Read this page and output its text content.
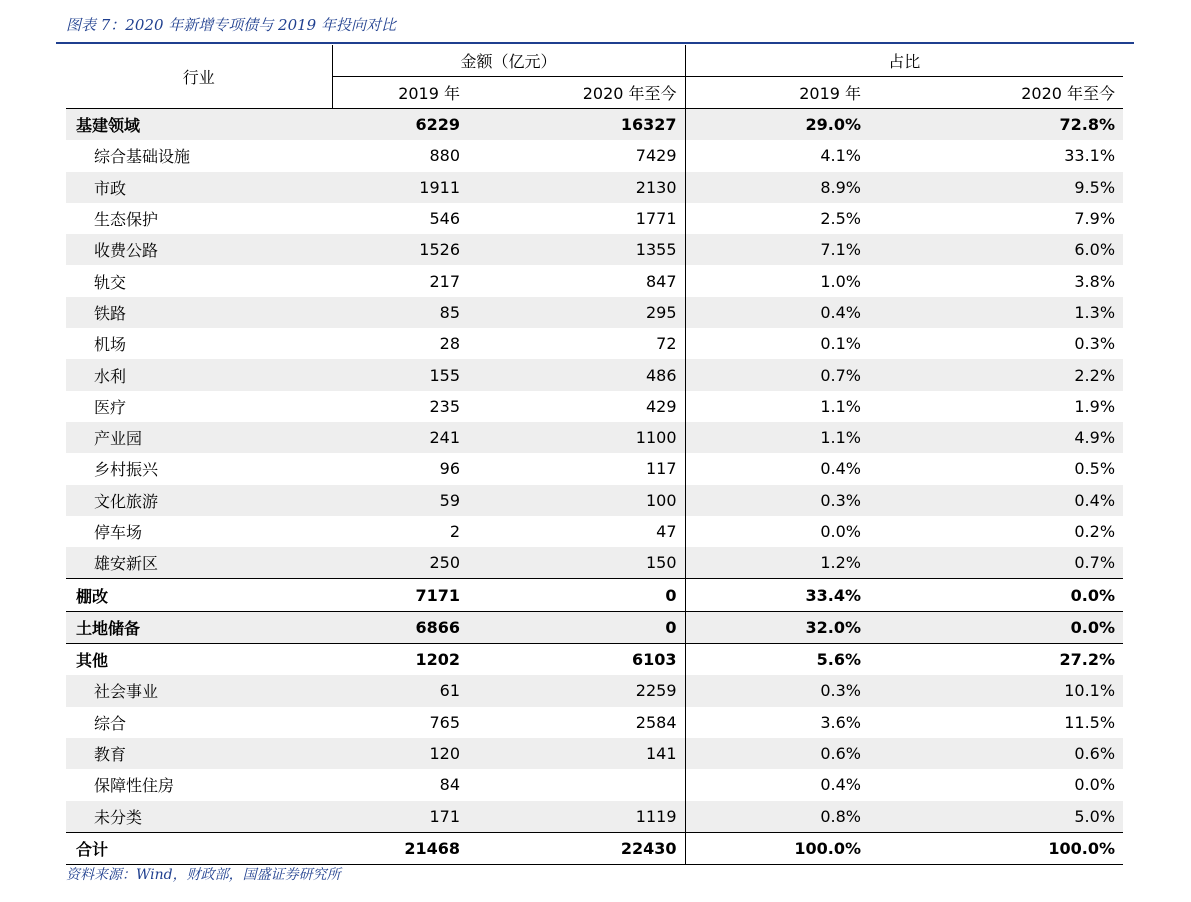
图表 7：2020 年新增专项债与 2019 年投向对比
行业	金额（亿元）		占比	
	2019 年	2020 年至今	2019 年	2020 年至今
基建领域	6229	16327	29.0%	72.8%
综合基础设施	880	7429	4.1%	33.1%
市政	1911	2130	8.9%	9.5%
生态保护	546	1771	2.5%	7.9%
收费公路	1526	1355	7.1%	6.0%
轨交	217	847	1.0%	3.8%
铁路	85	295	0.4%	1.3%
机场	28	72	0.1%	0.3%
水利	155	486	0.7%	2.2%
医疗	235	429	1.1%	1.9%
产业园	241	1100	1.1%	4.9%
乡村振兴	96	117	0.4%	0.5%
文化旅游	59	100	0.3%	0.4%
停车场	2	47	0.0%	0.2%
雄安新区	250	150	1.2%	0.7%
棚改	7171	0	33.4%	0.0%
土地储备	6866	0	32.0%	0.0%
其他	1202	6103	5.6%	27.2%
社会事业	61	2259	0.3%	10.1%
综合	765	2584	3.6%	11.5%
教育	120	141	0.6%	0.6%
保障性住房	84		0.4%	0.0%
未分类	171	1119	0.8%	5.0%
合计	21468	22430	100.0%	100.0%
资料来源：Wind，财政部，国盛证券研究所
